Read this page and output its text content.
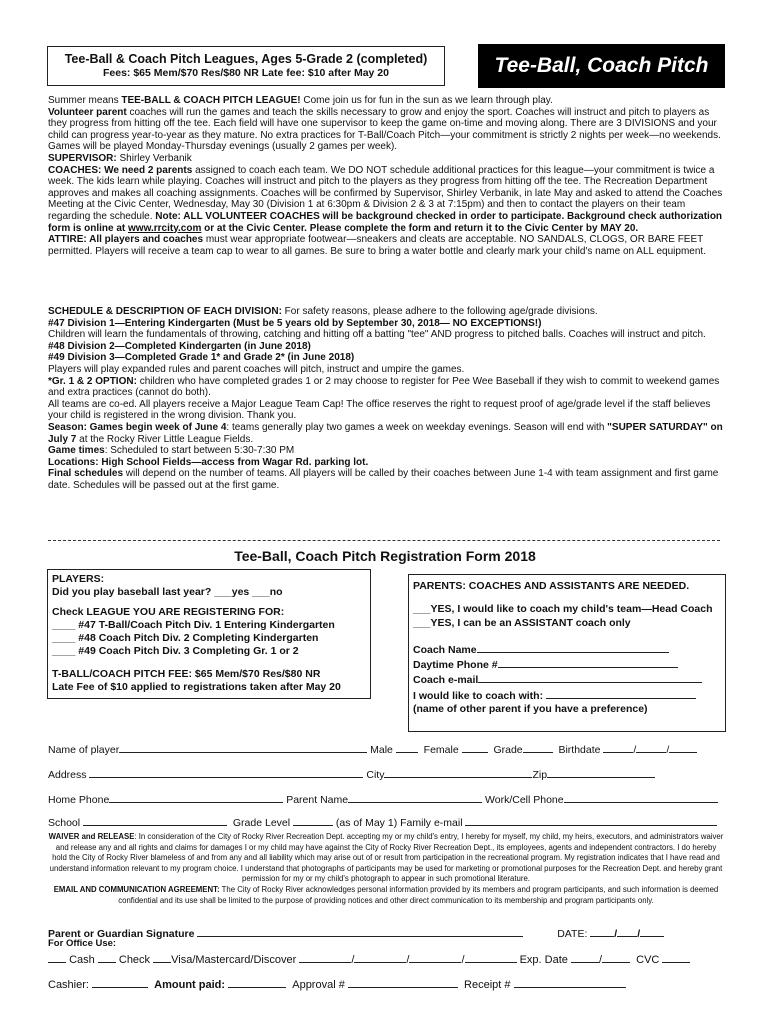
Tee-Ball & Coach Pitch Leagues, Ages 5-Grade 2 (completed)
Fees: $65 Mem/$70 Res/$80 NR Late fee: $10 after May 20	Tee-Ball, Coach Pitch

Summer means TEE-BALL & COACH PITCH LEAGUE! Come join us for fun in the sun as we learn through play.

Volunteer parent coaches will run the games and teach the skills necessary to grow and enjoy the sport. Coaches will instruct and pitch to players as they progress from hitting off the tee. Each field will have one supervisor to keep the game on-time and moving along. There are 3 DIVISIONS and your child can progress year-to-year as they mature. No extra practices for T-Ball/Coach Pitch—your commitment is strictly 2 nights per week—no weekends. Games will be played Monday-Thursday evenings (usually 2 games per week).

SUPERVISOR: Shirley Verbanik

COACHES: We need 2 parents assigned to coach each team. We DO NOT schedule additional practices for this league—your commitment is twice a week. The kids learn while playing. Coaches will instruct and pitch to the players as they progress from hitting off the tee. The Recreation Department approves and makes all coaching assignments. Coaches will be confirmed by Supervisor, Shirley Verbanik, in late May and asked to attend the Coaches Meeting at the Civic Center, Wednesday, May 30 (Division 1 at 6:30pm & Division 2 & 3 at 7:15pm) and then to contact the players on their team regarding the schedule. Note: ALL VOLUNTEER COACHES will be background checked in order to participate. Background check authorization form is online at www.rrcity.com or at the Civic Center. Please complete the form and return it to the Civic Center by MAY 20.

ATTIRE: All players and coaches must wear appropriate footwear—sneakers and cleats are acceptable. NO SANDALS, CLOGS, OR BARE FEET permitted. Players will receive a team cap to wear to all games. Be sure to bring a water bottle and clearly mark your child's name on ALL equipment.

SCHEDULE & DESCRIPTION OF EACH DIVISION: For safety reasons, please adhere to the following age/grade divisions.

#47 Division 1—Entering Kindergarten (Must be 5 years old by September 30, 2018— NO EXCEPTIONS!)

Children will learn the fundamentals of throwing, catching and hitting off a batting "tee" AND progress to pitched balls. Coaches will instruct and pitch.

#48 Division 2—Completed Kindergarten (in June 2018)

#49 Division 3—Completed Grade 1* and Grade 2* (in June 2018)

Players will play expanded rules and parent coaches will pitch, instruct and umpire the games.

*Gr. 1 & 2 OPTION: children who have completed grades 1 or 2 may choose to register for Pee Wee Baseball if they wish to commit to weekend games and extra practices (cannot do both).

All teams are co-ed. All players receive a Major League Team Cap! The office reserves the right to request proof of age/grade level if the staff believes your child is registered in the wrong division. Thank you.

Season: Games begin week of June 4: teams generally play two games a week on weekday evenings. Season will end with "SUPER SATURDAY" on July 7 at the Rocky River Little League Fields.

Game times: Scheduled to start between 5:30-7:30 PM

Locations: High School Fields—access from Wagar Rd. parking lot.

Final schedules will depend on the number of teams. All players will be called by their coaches between June 1-4 with team assignment and first game date. Schedules will be passed out at the first game.

Tee-Ball, Coach Pitch Registration Form 2018

PLAYERS:

Did you play baseball last year? ___yes ___no

Check LEAGUE YOU ARE REGISTERING FOR:

____ #47 T-Ball/Coach Pitch Div. 1 Entering Kindergarten

____ #48 Coach Pitch Div. 2 Completing Kindergarten

____ #49 Coach Pitch Div. 3 Completing Gr. 1 or 2

T-BALL/COACH PITCH FEE: $65 Mem/$70 Res/$80 NR

Late Fee of $10 applied to registrations taken after May 20

PARENTS: COACHES AND ASSISTANTS ARE NEEDED.

___YES, I would like to coach my child's team—Head Coach

___YES, I can be an ASSISTANT coach only

Coach Name

Daytime Phone #

Coach e-mail

I would like to coach with:

(name of other parent if you have a preference)

Name of player	Male	Female	Grade	Birthdate	/	/
Address	City	Zip
Home Phone	Parent Name	Work/Cell Phone
School	Grade Level	(as of May 1) Family e-mail

WAIVER and RELEASE: In consideration of the City of Rocky River Recreation Dept. accepting my or my child's entry, I hereby for myself, my child, my heirs, executors, and administrators waiver and release any and all rights and claims for damages I or my child may have against the City of Rocky River Recreation Dept., its employees, agents and independent contractors. I do hereby hold the City of Rocky River blameless of and from any and all liability which may arise out of or result from participation in the recreational program. My registration indicates that I have read and understand information relevant to my program choice. I understand that photographs of participants may be used for marketing or promotional purposes for the Recreation Dept. and hereby grant permission for my or my child's photograph to appear in such promotional literature.

EMAIL AND COMMUNICATION AGREEMENT: The City of Rocky River acknowledges personal information provided by its members and program participants, and such information is deemed confidential and its use shall be limited to the purpose of providing notices and other direct communication to its membership and program participants only.

Parent or Guardian Signature	DATE:	/ /
For Office Use:
Cash Check Visa/Mastercard/Discover	/	/	/	Exp. Date	/	CVC
Cashier:	Amount paid:	Approval #	Receipt #
